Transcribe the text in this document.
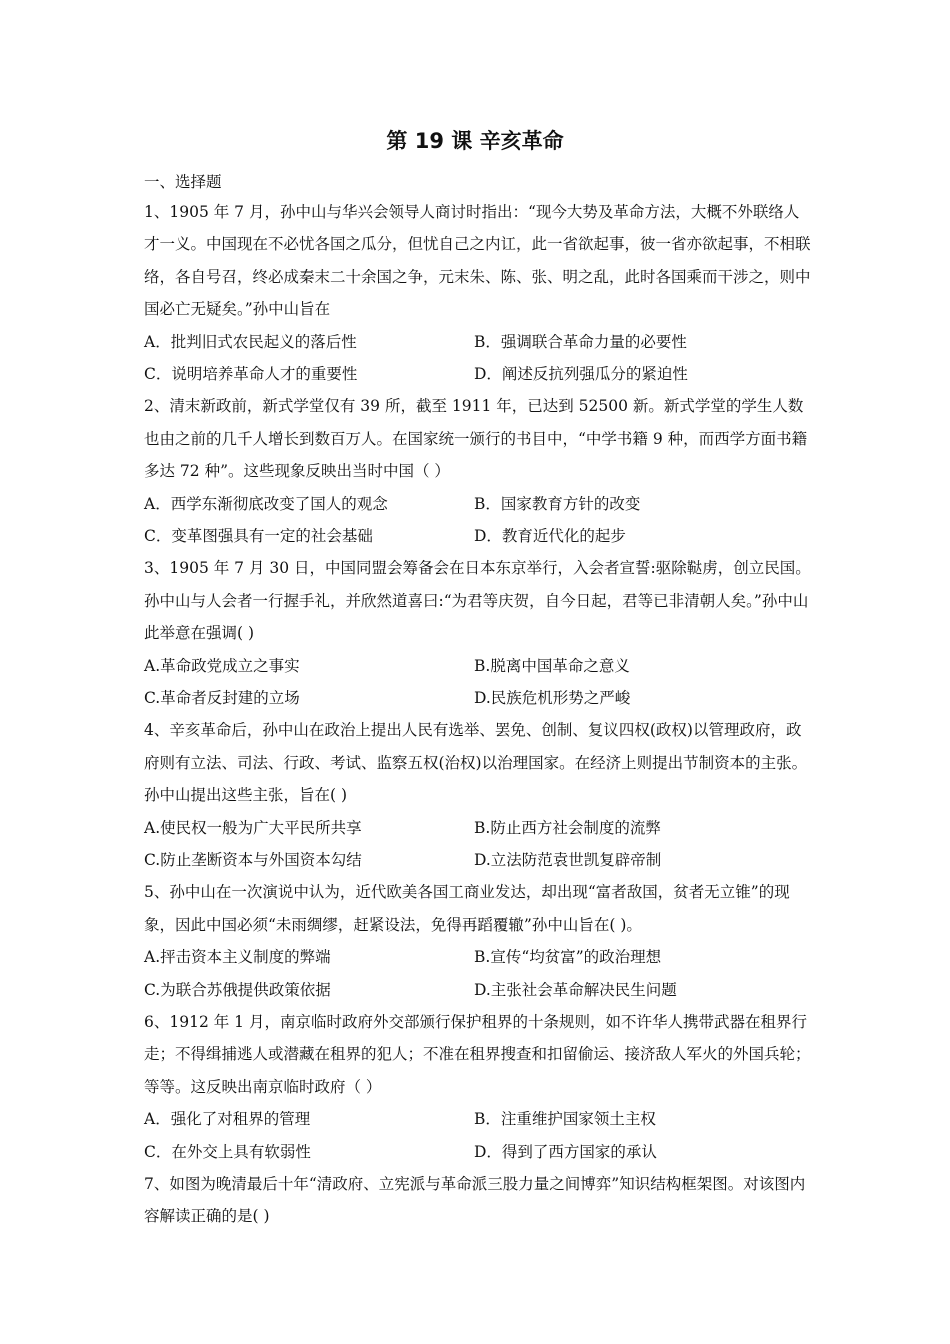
第 19 课 辛亥革命
一、选择题
1、1905 年 7 月，孙中山与华兴会领导人商讨时指出：“现今大势及革命方法，大概不外联络人才一义。中国现在不必忧各国之瓜分，但忧自己之内讧，此一省欲起事，彼一省亦欲起事，不相联络，各自号召，终必成秦末二十余国之争，元末朱、陈、张、明之乱，此时各国乘而干涉之，则中国必亡无疑矣。”孙中山旨在
A．批判旧式农民起义的落后性	B．强调联合革命力量的必要性
C．说明培养革命人才的重要性	D．阐述反抗列强瓜分的紧迫性
2、清末新政前，新式学堂仅有 39 所，截至 1911 年，已达到 52500 新。新式学堂的学生人数也由之前的几千人增长到数百万人。在国家统一颁行的书目中，“中学书籍 9 种，而西学方面书籍多达 72 种”。这些现象反映出当时中国（ ）
A．西学东渐彻底改变了国人的观念	B．国家教育方针的改变
C．变革图强具有一定的社会基础	D．教育近代化的起步
3、1905 年 7 月 30 日，中国同盟会筹备会在日本东京举行，入会者宣誓:驱除鞑虏，创立民国。孙中山与人会者一行握手礼，并欣然道喜曰:“为君等庆贺，自今日起，君等已非清朝人矣。”孙中山此举意在强调( )
A.革命政党成立之事实	B.脱离中国革命之意义
C.革命者反封建的立场	D.民族危机形势之严峻
4、辛亥革命后，孙中山在政治上提出人民有选举、罢免、创制、复议四权(政权)以管理政府，政府则有立法、司法、行政、考试、监察五权(治权)以治理国家。在经济上则提出节制资本的主张。孙中山提出这些主张，旨在( )
A.使民权一般为广大平民所共享	B.防止西方社会制度的流弊
C.防止垄断资本与外国资本勾结	D.立法防范袁世凯复辟帝制
5、孙中山在一次演说中认为，近代欧美各国工商业发达，却出现“富者敌国，贫者无立锥”的现象，因此中国必须“未雨绸缪，赶紧设法，免得再蹈覆辙”孙中山旨在( )。
A.抨击资本主义制度的弊端	B.宣传“均贫富”的政治理想
C.为联合苏俄提供政策依据	D.主张社会革命解决民生问题
6、1912 年 1 月，南京临时政府外交部颁行保护租界的十条规则，如不许华人携带武器在租界行走；不得缉捕逃人或潜藏在租界的犯人；不准在租界搜查和扣留偷运、接济敌人军火的外国兵轮；等等。这反映出南京临时政府（ ）
A．强化了对租界的管理	B．注重维护国家领土主权
C．在外交上具有软弱性	D．得到了西方国家的承认
7、如图为晚清最后十年“清政府、立宪派与革命派三股力量之间博弈”知识结构框架图。对该图内容解读正确的是( )
